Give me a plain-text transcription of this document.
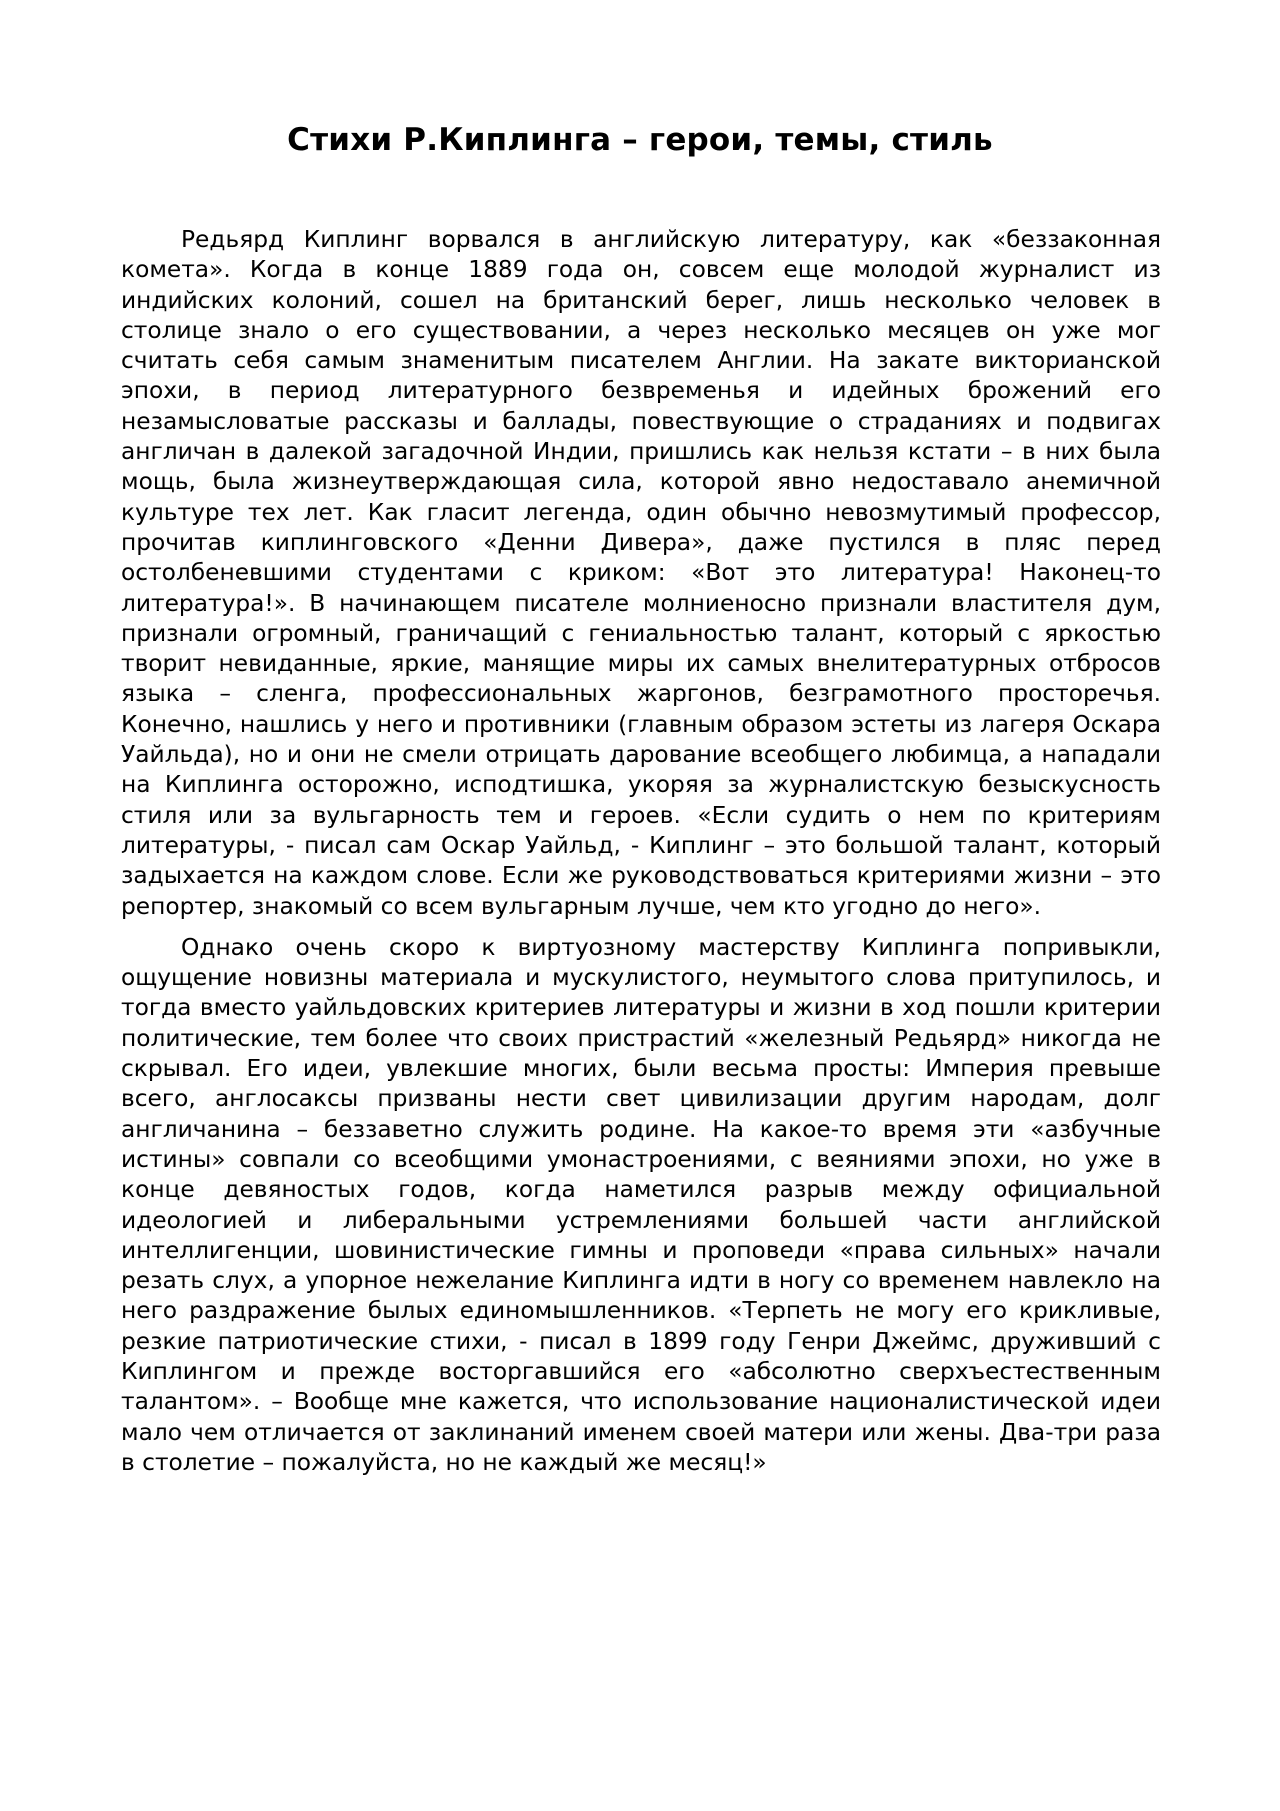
Стихи Р.Киплинга – герои, темы, стиль

Редьярд Киплинг ворвался в английскую литературу, как «беззаконная комета». Когда в конце 1889 года он, совсем еще молодой журналист из индийских колоний, сошел на британский берег, лишь несколько человек в столице знало о его существовании, а через несколько месяцев он уже мог считать себя самым знаменитым писателем Англии. На закате викторианской эпохи, в период литературного безвременья и идейных брожений его незамысловатые рассказы и баллады, повествующие о страданиях и подвигах англичан в далекой загадочной Индии, пришлись как нельзя кстати – в них была мощь, была жизнеутверждающая сила, которой явно недоставало анемичной культуре тех лет. Как гласит легенда, один обычно невозмутимый профессор, прочитав киплинговского «Денни Дивера», даже пустился в пляс перед остолбеневшими студентами с криком: «Вот это литература! Наконец-то литература!». В начинающем писателе молниеносно признали властителя дум, признали огромный, граничащий с гениальностью талант, который с яркостью творит невиданные, яркие, манящие миры их самых внелитературных отбросов языка – сленга, профессиональных жаргонов, безграмотного просторечья. Конечно, нашлись у него и противники (главным образом эстеты из лагеря Оскара Уайльда), но и они не смели отрицать дарование всеобщего любимца, а нападали на Киплинга осторожно, исподтишка, укоряя за журналистскую безыскусность стиля или за вульгарность тем и героев. «Если судить о нем по критериям литературы, - писал сам Оскар Уайльд, - Киплинг – это большой талант, который задыхается на каждом слове. Если же руководствоваться критериями жизни – это репортер, знакомый со всем вульгарным лучше, чем кто угодно до него».

Однако очень скоро к виртуозному мастерству Киплинга попривыкли, ощущение новизны материала и мускулистого, неумытого слова притупилось, и тогда вместо уайльдовских критериев литературы и жизни в ход пошли критерии политические, тем более что своих пристрастий «железный Редьярд» никогда не скрывал. Его идеи, увлекшие многих, были весьма просты: Империя превыше всего, англосаксы призваны нести свет цивилизации другим народам, долг англичанина – беззаветно служить родине. На какое-то время эти «азбучные истины» совпали со всеобщими умонастроениями, с веяниями эпохи, но уже в конце девяностых годов, когда наметился разрыв между официальной идеологией и либеральными устремлениями большей части английской интеллигенции, шовинистические гимны и проповеди «права сильных» начали резать слух, а упорное нежелание Киплинга идти в ногу со временем навлекло на него раздражение былых единомышленников. «Терпеть не могу его крикливые, резкие патриотические стихи, - писал в 1899 году Генри Джеймс, друживший с Киплингом и прежде восторгавшийся его «абсолютно сверхъестественным талантом». – Вообще мне кажется, что использование националистической идеи мало чем отличается от заклинаний именем своей матери или жены. Два-три раза в столетие – пожалуйста, но не каждый же месяц!»
